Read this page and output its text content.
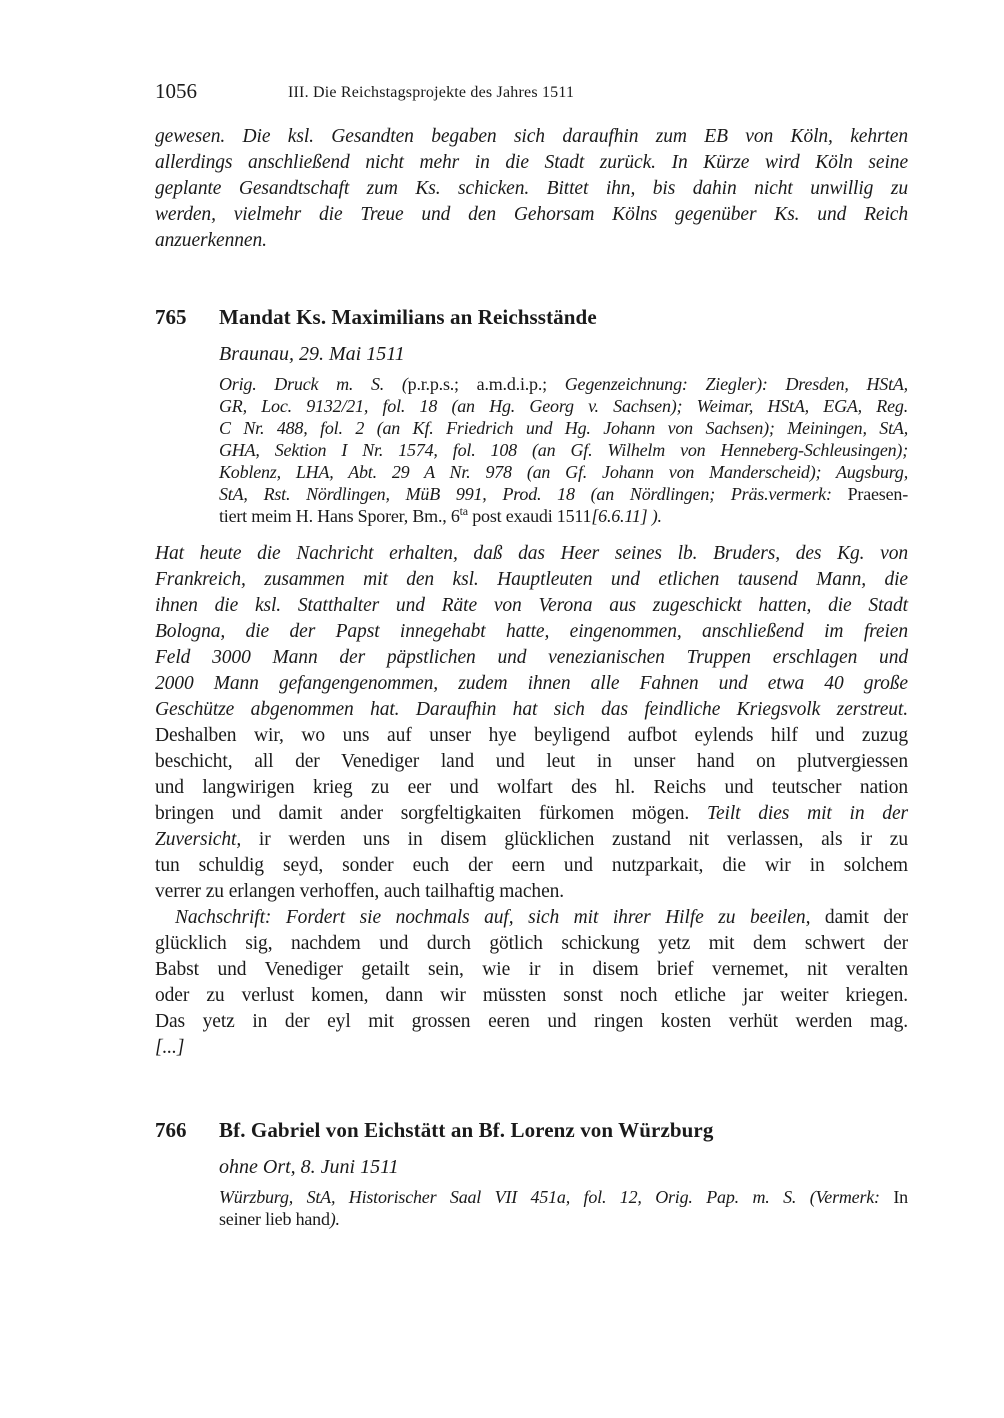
1056	III. Die Reichstagsprojekte des Jahres 1511
gewesen. Die ksl. Gesandten begaben sich daraufhin zum EB von Köln, kehrten
allerdings anschließend nicht mehr in die Stadt zurück. In Kürze wird Köln seine
geplante Gesandtschaft zum Ks. schicken. Bittet ihn, bis dahin nicht unwillig zu
werden, vielmehr die Treue und den Gehorsam Kölns gegenüber Ks. und Reich
anzuerkennen.
765	Mandat Ks. Maximilians an Reichsstände
Braunau, 29. Mai 1511
Orig. Druck m. S. (p.r.p.s.; a.m.d.i.p.; Gegenzeichnung: Ziegler): Dresden, HStA,
GR, Loc. 9132/21, fol. 18 (an Hg. Georg v. Sachsen); Weimar, HStA, EGA, Reg.
C Nr. 488, fol. 2 (an Kf. Friedrich und Hg. Johann von Sachsen); Meiningen, StA,
GHA, Sektion I Nr. 1574, fol. 108 (an Gf. Wilhelm von Henneberg-Schleusingen);
Koblenz, LHA, Abt. 29 A Nr. 978 (an Gf. Johann von Manderscheid); Augsburg,
StA, Rst. Nördlingen, MüB 991, Prod. 18 (an Nördlingen; Präs.vermerk: Praesen-
tiert meim H. Hans Sporer, Bm., $6^{ta}$ post exaudi 1511[6.6.11] ).
Hat heute die Nachricht erhalten, daß das Heer seines lb. Bruders, des Kg. von
Frankreich, zusammen mit den ksl. Hauptleuten und etlichen tausend Mann, die
ihnen die ksl. Statthalter und Räte von Verona aus zugeschickt hatten, die Stadt
Bologna, die der Papst innegehabt hatte, eingenommen, anschließend im freien
Feld 3000 Mann der päpstlichen und venezianischen Truppen erschlagen und
2000 Mann gefangengenommen, zudem ihnen alle Fahnen und etwa 40 große
Geschütze abgenommen hat. Daraufhin hat sich das feindliche Kriegsvolk zerstreut.
Deshalben wir, wo uns auf unser hye beyligend aufbot eylends hilf und zuzug
beschicht, all der Venediger land und leut in unser hand on plutvergiessen
und langwirigen krieg zu eer und wolfart des hl. Reichs und teutscher nation
bringen und damit ander sorgfeltigkaiten fürkomen mögen. Teilt dies mit in der
Zuversicht, ir werden uns in disem glücklichen zustand nit verlassen, als ir zu
tun schuldig seyd, sonder euch der eern und nutzparkait, die wir in solchem
verrer zu erlangen verhoffen, auch tailhaftig machen.
Nachschrift: Fordert sie nochmals auf, sich mit ihrer Hilfe zu beeilen, damit der
glücklich sig, nachdem und durch götlich schickung yetz mit dem schwert der
Babst und Venediger getailt sein, wie ir in disem brief vernemet, nit veralten
oder zu verlust komen, dann wir müssten sonst noch etliche jar weiter kriegen.
Das yetz in der eyl mit grossen eeren und ringen kosten verhüt werden mag.
[...]
766	Bf. Gabriel von Eichstätt an Bf. Lorenz von Würzburg
ohne Ort, 8. Juni 1511
Würzburg, StA, Historischer Saal VII 451a, fol. 12, Orig. Pap. m. S. (Vermerk: In
seiner lieb hand).
